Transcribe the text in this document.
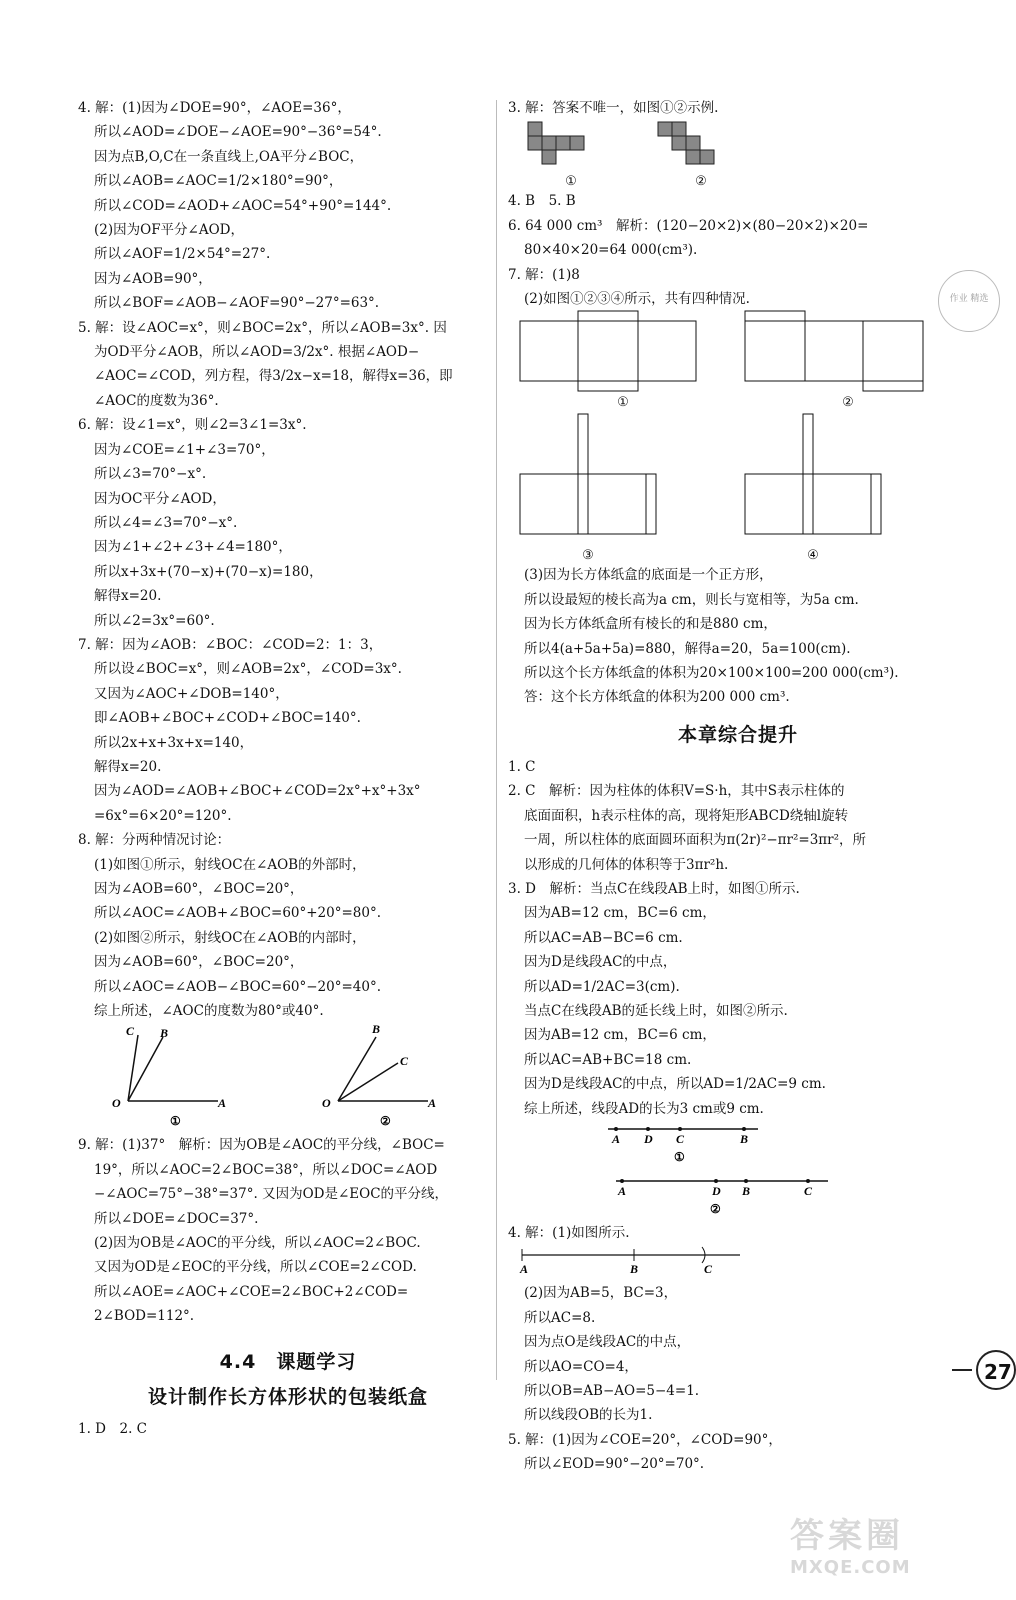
4. 解：(1)因为∠DOE=90°，∠AOE=36°，
所以∠AOD=∠DOE−∠AOE=90°−36°=54°.
因为点B,O,C在一条直线上,OA平分∠BOC，
所以∠AOB=∠AOC=1/2×180°=90°，
所以∠COD=∠AOD+∠AOC=54°+90°=144°.
(2)因为OF平分∠AOD，
所以∠AOF=1/2×54°=27°.
因为∠AOB=90°，
所以∠BOF=∠AOB−∠AOF=90°−27°=63°.
5. 解：设∠AOC=x°，则∠BOC=2x°，所以∠AOB=3x°. 因
为OD平分∠AOB，所以∠AOD=3/2x°. 根据∠AOD−
∠AOC=∠COD，列方程，得3/2x−x=18，解得x=36，即
∠AOC的度数为36°.
6. 解：设∠1=x°，则∠2=3∠1=3x°.
因为∠COE=∠1+∠3=70°，
所以∠3=70°−x°.
因为OC平分∠AOD，
所以∠4=∠3=70°−x°.
因为∠1+∠2+∠3+∠4=180°，
所以x+3x+(70−x)+(70−x)=180，
解得x=20.
所以∠2=3x°=60°.
7. 解：因为∠AOB：∠BOC：∠COD=2：1：3，
所以设∠BOC=x°，则∠AOB=2x°，∠COD=3x°.
又因为∠AOC+∠DOB=140°，
即∠AOB+∠BOC+∠COD+∠BOC=140°.
所以2x+x+3x+x=140，
解得x=20.
因为∠AOD=∠AOB+∠BOC+∠COD=2x°+x°+3x°
=6x°=6×20°=120°.
8. 解：分两种情况讨论：
(1)如图①所示，射线OC在∠AOB的外部时，
因为∠AOB=60°，∠BOC=20°，
所以∠AOC=∠AOB+∠BOC=60°+20°=80°.
(2)如图②所示，射线OC在∠AOB的内部时，
因为∠AOB=60°，∠BOC=20°，
所以∠AOC=∠AOB−∠BOC=60°−20°=40°.
综上所述，∠AOC的度数为80°或40°.
C B
O	A
①
B
C
O	A
②
9. 解：(1)37°　解析：因为OB是∠AOC的平分线，∠BOC=
19°，所以∠AOC=2∠BOC=38°，所以∠DOC=∠AOD
−∠AOC=75°−38°=37°. 又因为OD是∠EOC的平分线，
所以∠DOE=∠DOC=37°.
(2)因为OB是∠AOC的平分线，所以∠AOC=2∠BOC.
又因为OD是∠EOC的平分线，所以∠COE=2∠COD.
所以∠AOE=∠AOC+∠COE=2∠BOC+2∠COD=
2∠BOD=112°.
4.4　课题学习
设计制作长方体形状的包装纸盒
1. D　2. C
3. 解：答案不唯一，如图①②示例.
①	②
4. B　5. B
6. 64 000 cm³　解析：(120−20×2)×(80−20×2)×20=
80×40×20=64 000(cm³).
7. 解：(1)8
(2)如图①②③④所示，共有四种情况.
①	②
③	④
(3)因为长方体纸盒的底面是一个正方形，
所以设最短的棱长高为a cm，则长与宽相等，为5a cm.
因为长方体纸盒所有棱长的和是880 cm，
所以4(a+5a+5a)=880，解得a=20，5a=100(cm).
所以这个长方体纸盒的体积为20×100×100=200 000(cm³).
答：这个长方体纸盒的体积为200 000 cm³.
本章综合提升
1. C
2. C　解析：因为柱体的体积V=S·h，其中S表示柱体的
底面面积，h表示柱体的高，现将矩形ABCD绕轴l旋转
一周，所以柱体的底面圆环面积为π(2r)²−πr²=3πr²，所
以形成的几何体的体积等于3πr²h.
3. D　解析：当点C在线段AB上时，如图①所示.
因为AB=12 cm，BC=6 cm，
所以AC=AB−BC=6 cm.
因为D是线段AC的中点，
所以AD=1/2AC=3(cm).
当点C在线段AB的延长线上时，如图②所示.
因为AB=12 cm，BC=6 cm，
所以AC=AB+BC=18 cm.
因为D是线段AC的中点，所以AD=1/2AC=9 cm.
综上所述，线段AD的长为3 cm或9 cm.
A D C	B
①

A	D B	C
②
4. 解：(1)如图所示.
A	B	C
(2)因为AB=5，BC=3，
所以AC=8.
因为点O是线段AC的中点，
所以AO=CO=4，
所以OB=AB−AO=5−4=1.
所以线段OB的长为1.
5. 解：(1)因为∠COE=20°，∠COD=90°，
所以∠EOD=90°−20°=70°.
作业 精选
27
答案圈
MXQE.COM
